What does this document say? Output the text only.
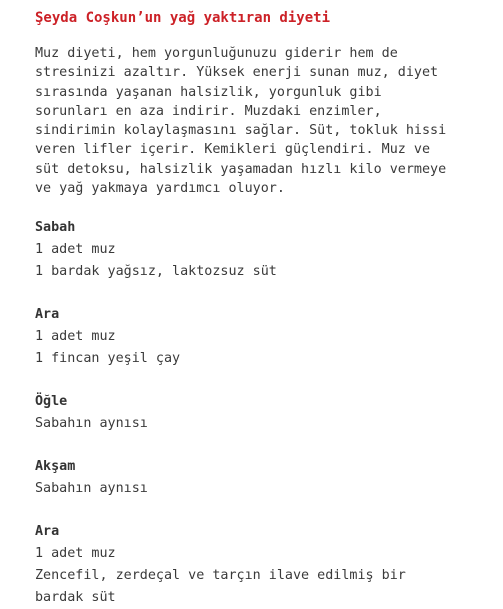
Şeyda Coşkun’un yağ yaktıran diyeti

Muz diyeti, hem yorgunluğunuzu giderir hem de
stresinizi azaltır. Yüksek enerji sunan muz, diyet
sırasında yaşanan halsizlik, yorgunluk gibi
sorunları en aza indirir. Muzdaki enzimler,
sindirimin kolaylaşmasını sağlar. Süt, tokluk hissi
veren lifler içerir. Kemikleri güçlendiri. Muz ve
süt detoksu, halsizlik yaşamadan hızlı kilo vermeye
ve yağ yakmaya yardımcı oluyor.

Sabah
1 adet muz
1 bardak yağsız, laktozsuz süt
Ara
1 adet muz
1 fincan yeşil çay
Öğle
Sabahın aynısı
Akşam
Sabahın aynısı
Ara
1 adet muz
Zencefil, zerdeçal ve tarçın ilave edilmiş bir
bardak süt
